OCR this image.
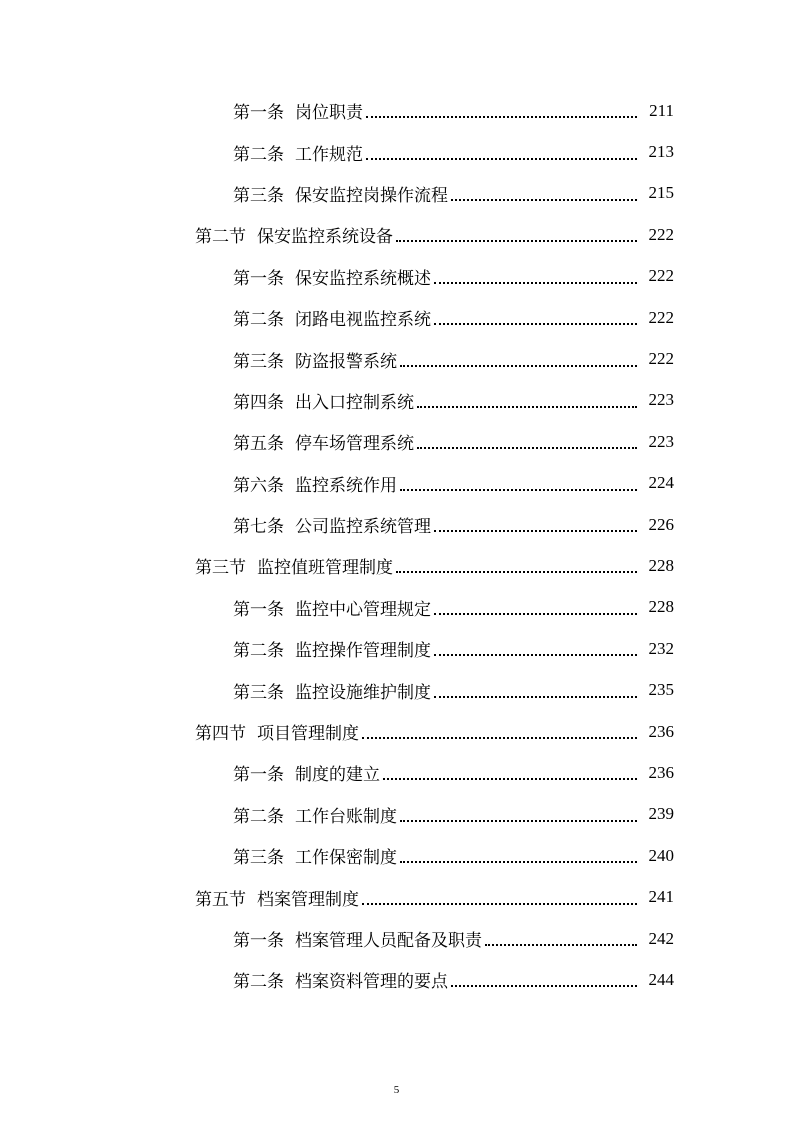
第一条 岗位职责	211
第二条 工作规范	213
第三条 保安监控岗操作流程	215
第二节 保安监控系统设备	222
第一条 保安监控系统概述	222
第二条 闭路电视监控系统	222
第三条 防盗报警系统	222
第四条 出入口控制系统	223
第五条 停车场管理系统	223
第六条 监控系统作用	224
第七条 公司监控系统管理	226
第三节 监控值班管理制度	228
第一条 监控中心管理规定	228
第二条 监控操作管理制度	232
第三条 监控设施维护制度	235
第四节 项目管理制度	236
第一条 制度的建立	236
第二条 工作台账制度	239
第三条 工作保密制度	240
第五节 档案管理制度	241
第一条 档案管理人员配备及职责	242
第二条 档案资料管理的要点	244
5
